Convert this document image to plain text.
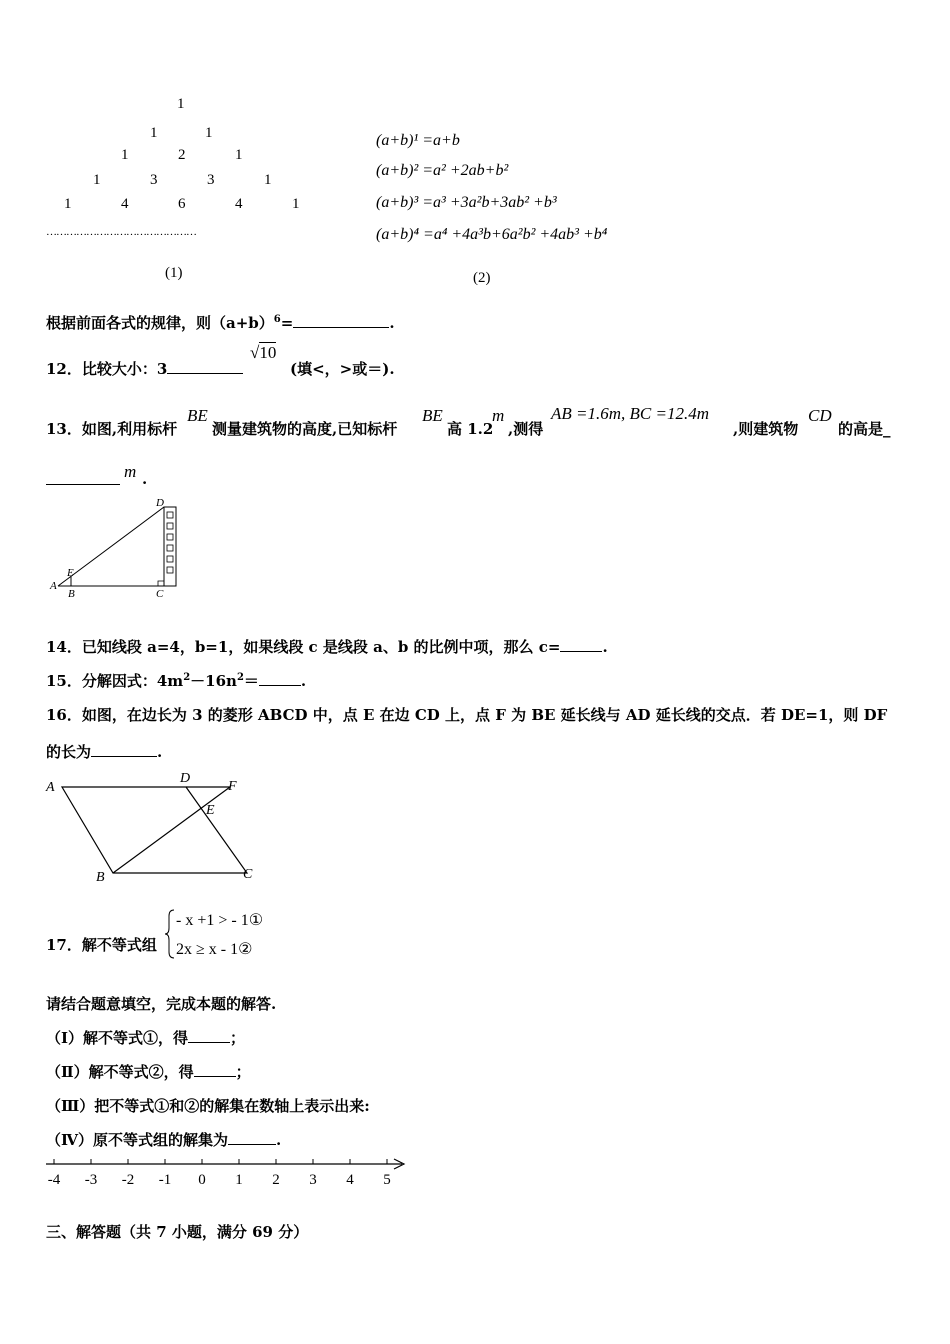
1
1	1
1	2	1
1	3	3	1
1	4	6	4	1
………………………………………
(1)
(a+b)¹ =a+b
(a+b)² =a² +2ab+b²
(a+b)³ =a³ +3a²b+3ab² +b³
(a+b)⁴ =a⁴ +4a³b+6a²b² +4ab³ +b⁴
(2)
根据前面各式的规律，则$(a+b)^6=$	.
12．比较大小：3
√10
(填<，>或＝).
13．如图,利用标杆
BE
测量建筑物的高度,已知标杆
BE
高 1.2
m
,测得
AB =1.6m, BC =12.4m
,则建筑物
CD
的高是_
m .
D
E
A
B	C
14．已知线段 a=4，b=1，如果线段 c 是线段 a、b 的比例中项，那么 c=	.
15．分解因式：$4m^2-16n^2=$	.
16．如图，在边长为 3 的菱形 ABCD 中，点 E 在边 CD 上，点 F 为 BE 延长线与 AD 延长线的交点．若 DE=1，则 DF
的长为	.
A
D
F
E
B	C
17．解不等式组
- x +1 > - 1①
2x ≥ x - 1②
请结合题意填空，完成本题的解答.
（Ⅰ）解不等式①，得	；
（Ⅱ）解不等式②，得	；
（Ⅲ）把不等式①和②的解集在数轴上表示出来:
（Ⅳ）原不等式组的解集为	.
-4 -3 -2 -1 0 1 2 3 4 5
三、解答题（共 7 小题，满分 69 分）
